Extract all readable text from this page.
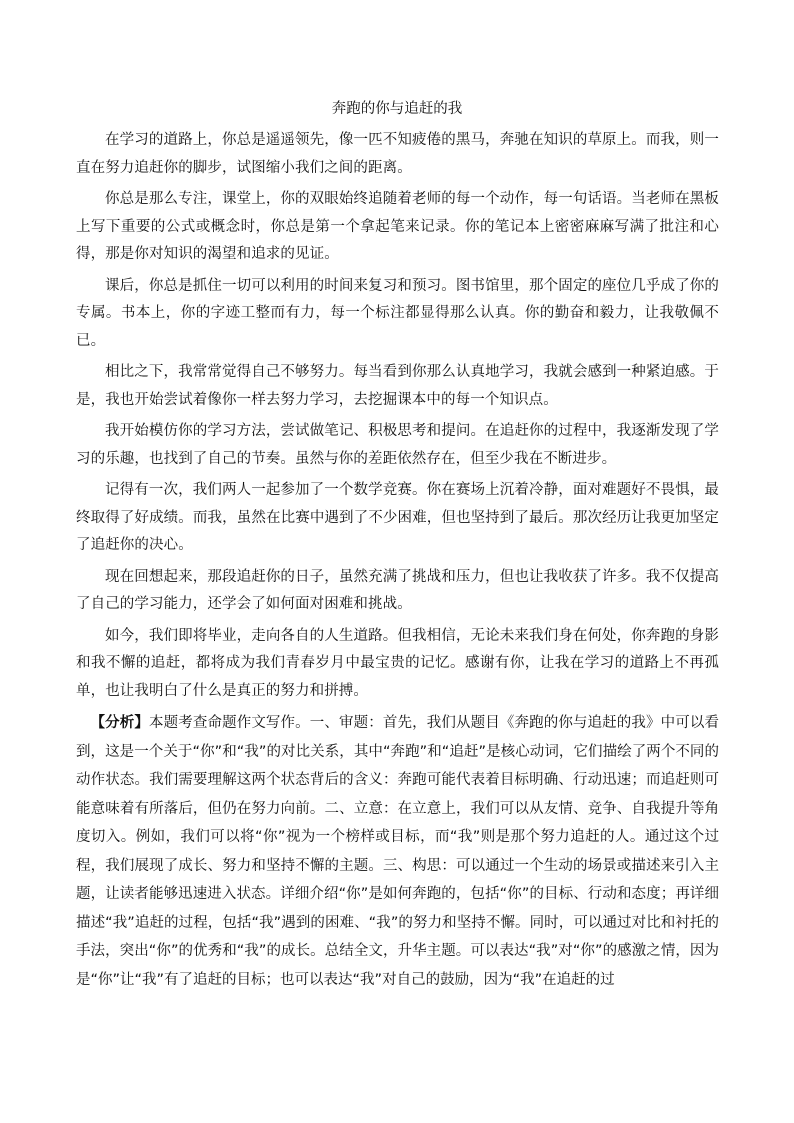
奔跑的你与追赶的我

在学习的道路上，你总是遥遥领先，像一匹不知疲倦的黑马，奔驰在知识的草原上。而我，则一直在努力追赶你的脚步，试图缩小我们之间的距离。

你总是那么专注，课堂上，你的双眼始终追随着老师的每一个动作，每一句话语。当老师在黑板上写下重要的公式或概念时，你总是第一个拿起笔来记录。你的笔记本上密密麻麻写满了批注和心得，那是你对知识的渴望和追求的见证。

课后，你总是抓住一切可以利用的时间来复习和预习。图书馆里，那个固定的座位几乎成了你的专属。书本上，你的字迹工整而有力，每一个标注都显得那么认真。你的勤奋和毅力，让我敬佩不已。

相比之下，我常常觉得自己不够努力。每当看到你那么认真地学习，我就会感到一种紧迫感。于是，我也开始尝试着像你一样去努力学习，去挖掘课本中的每一个知识点。

我开始模仿你的学习方法，尝试做笔记、积极思考和提问。在追赶你的过程中，我逐渐发现了学习的乐趣，也找到了自己的节奏。虽然与你的差距依然存在，但至少我在不断进步。

记得有一次，我们两人一起参加了一个数学竞赛。你在赛场上沉着冷静，面对难题好不畏惧，最终取得了好成绩。而我，虽然在比赛中遇到了不少困难，但也坚持到了最后。那次经历让我更加坚定了追赶你的决心。

现在回想起来，那段追赶你的日子，虽然充满了挑战和压力，但也让我收获了许多。我不仅提高了自己的学习能力，还学会了如何面对困难和挑战。

如今，我们即将毕业，走向各自的人生道路。但我相信，无论未来我们身在何处，你奔跑的身影和我不懈的追赶，都将成为我们青春岁月中最宝贵的记忆。感谢有你，让我在学习的道路上不再孤单，也让我明白了什么是真正的努力和拼搏。

【分析】本题考查命题作文写作。一、审题：首先，我们从题目《奔跑的你与追赶的我》中可以看到，这是一个关于“你”和“我”的对比关系，其中“奔跑”和“追赶”是核心动词，它们描绘了两个不同的动作状态。我们需要理解这两个状态背后的含义：奔跑可能代表着目标明确、行动迅速；而追赶则可能意味着有所落后，但仍在努力向前。二、立意：在立意上，我们可以从友情、竞争、自我提升等角度切入。例如，我们可以将“你”视为一个榜样或目标，而“我”则是那个努力追赶的人。通过这个过程，我们展现了成长、努力和坚持不懈的主题。三、构思：可以通过一个生动的场景或描述来引入主题，让读者能够迅速进入状态。详细介绍“你”是如何奔跑的，包括“你”的目标、行动和态度；再详细描述“我”追赶的过程，包括“我”遇到的困难、“我”的努力和坚持不懈。同时，可以通过对比和衬托的手法，突出“你”的优秀和“我”的成长。总结全文，升华主题。可以表达“我”对“你”的感激之情，因为是“你”让“我”有了追赶的目标；也可以表达“我”对自己的鼓励，因为“我”在追赶的过
